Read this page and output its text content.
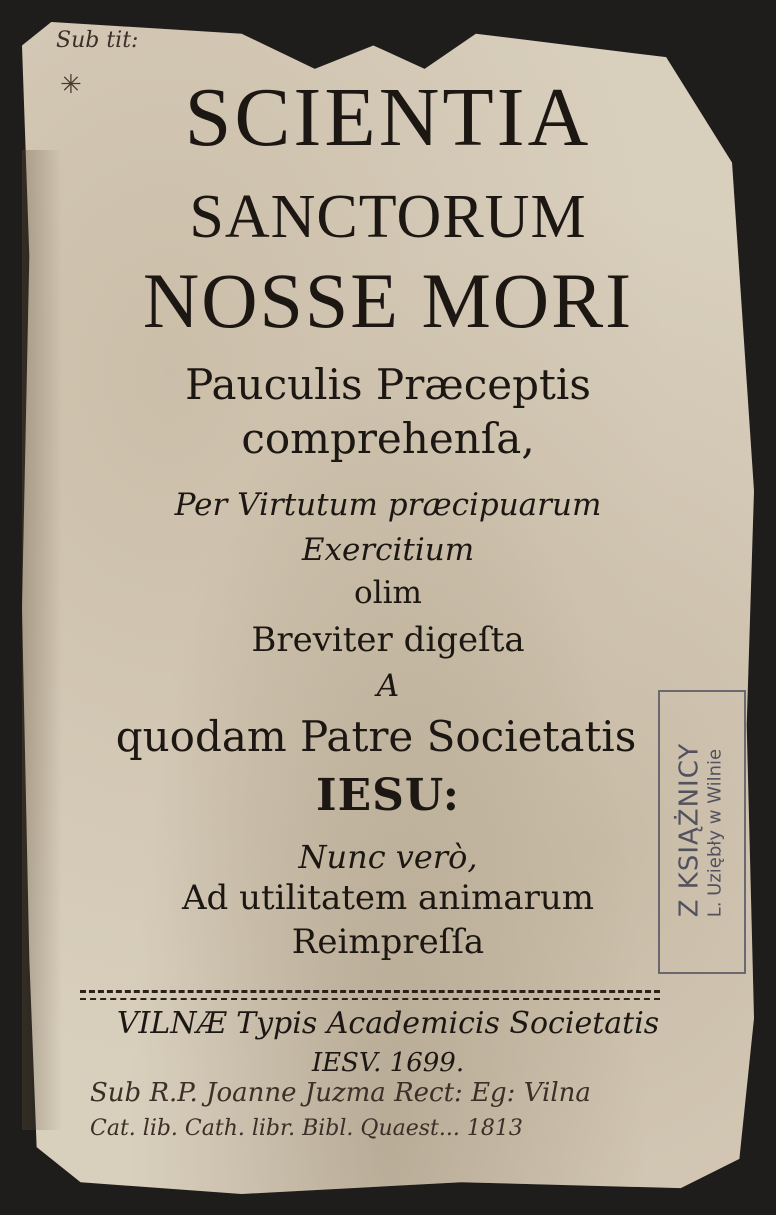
Sub tit:
✳	SCIENTIA
SANCTORUM
NOSSE MORI
Pauculis Præceptis
comprehenſa,
Per Virtutum præcipuarum
Exercitium
olim
Breviter digeſta
A
quodam Patre Societatis
IESU:
Nunc verò,
Ad utilitatem animarum
Reimpreſſa
VILNÆ Typis Academicis Societatis
IESV. 1699.
Sub R.P. Joanne Juzma Rect: Eg: Vilna
Cat. lib. Cath. libr. Bibl. Quaest... 1813
Z KSIĄŻNICY L. Uziębły w Wilnie
